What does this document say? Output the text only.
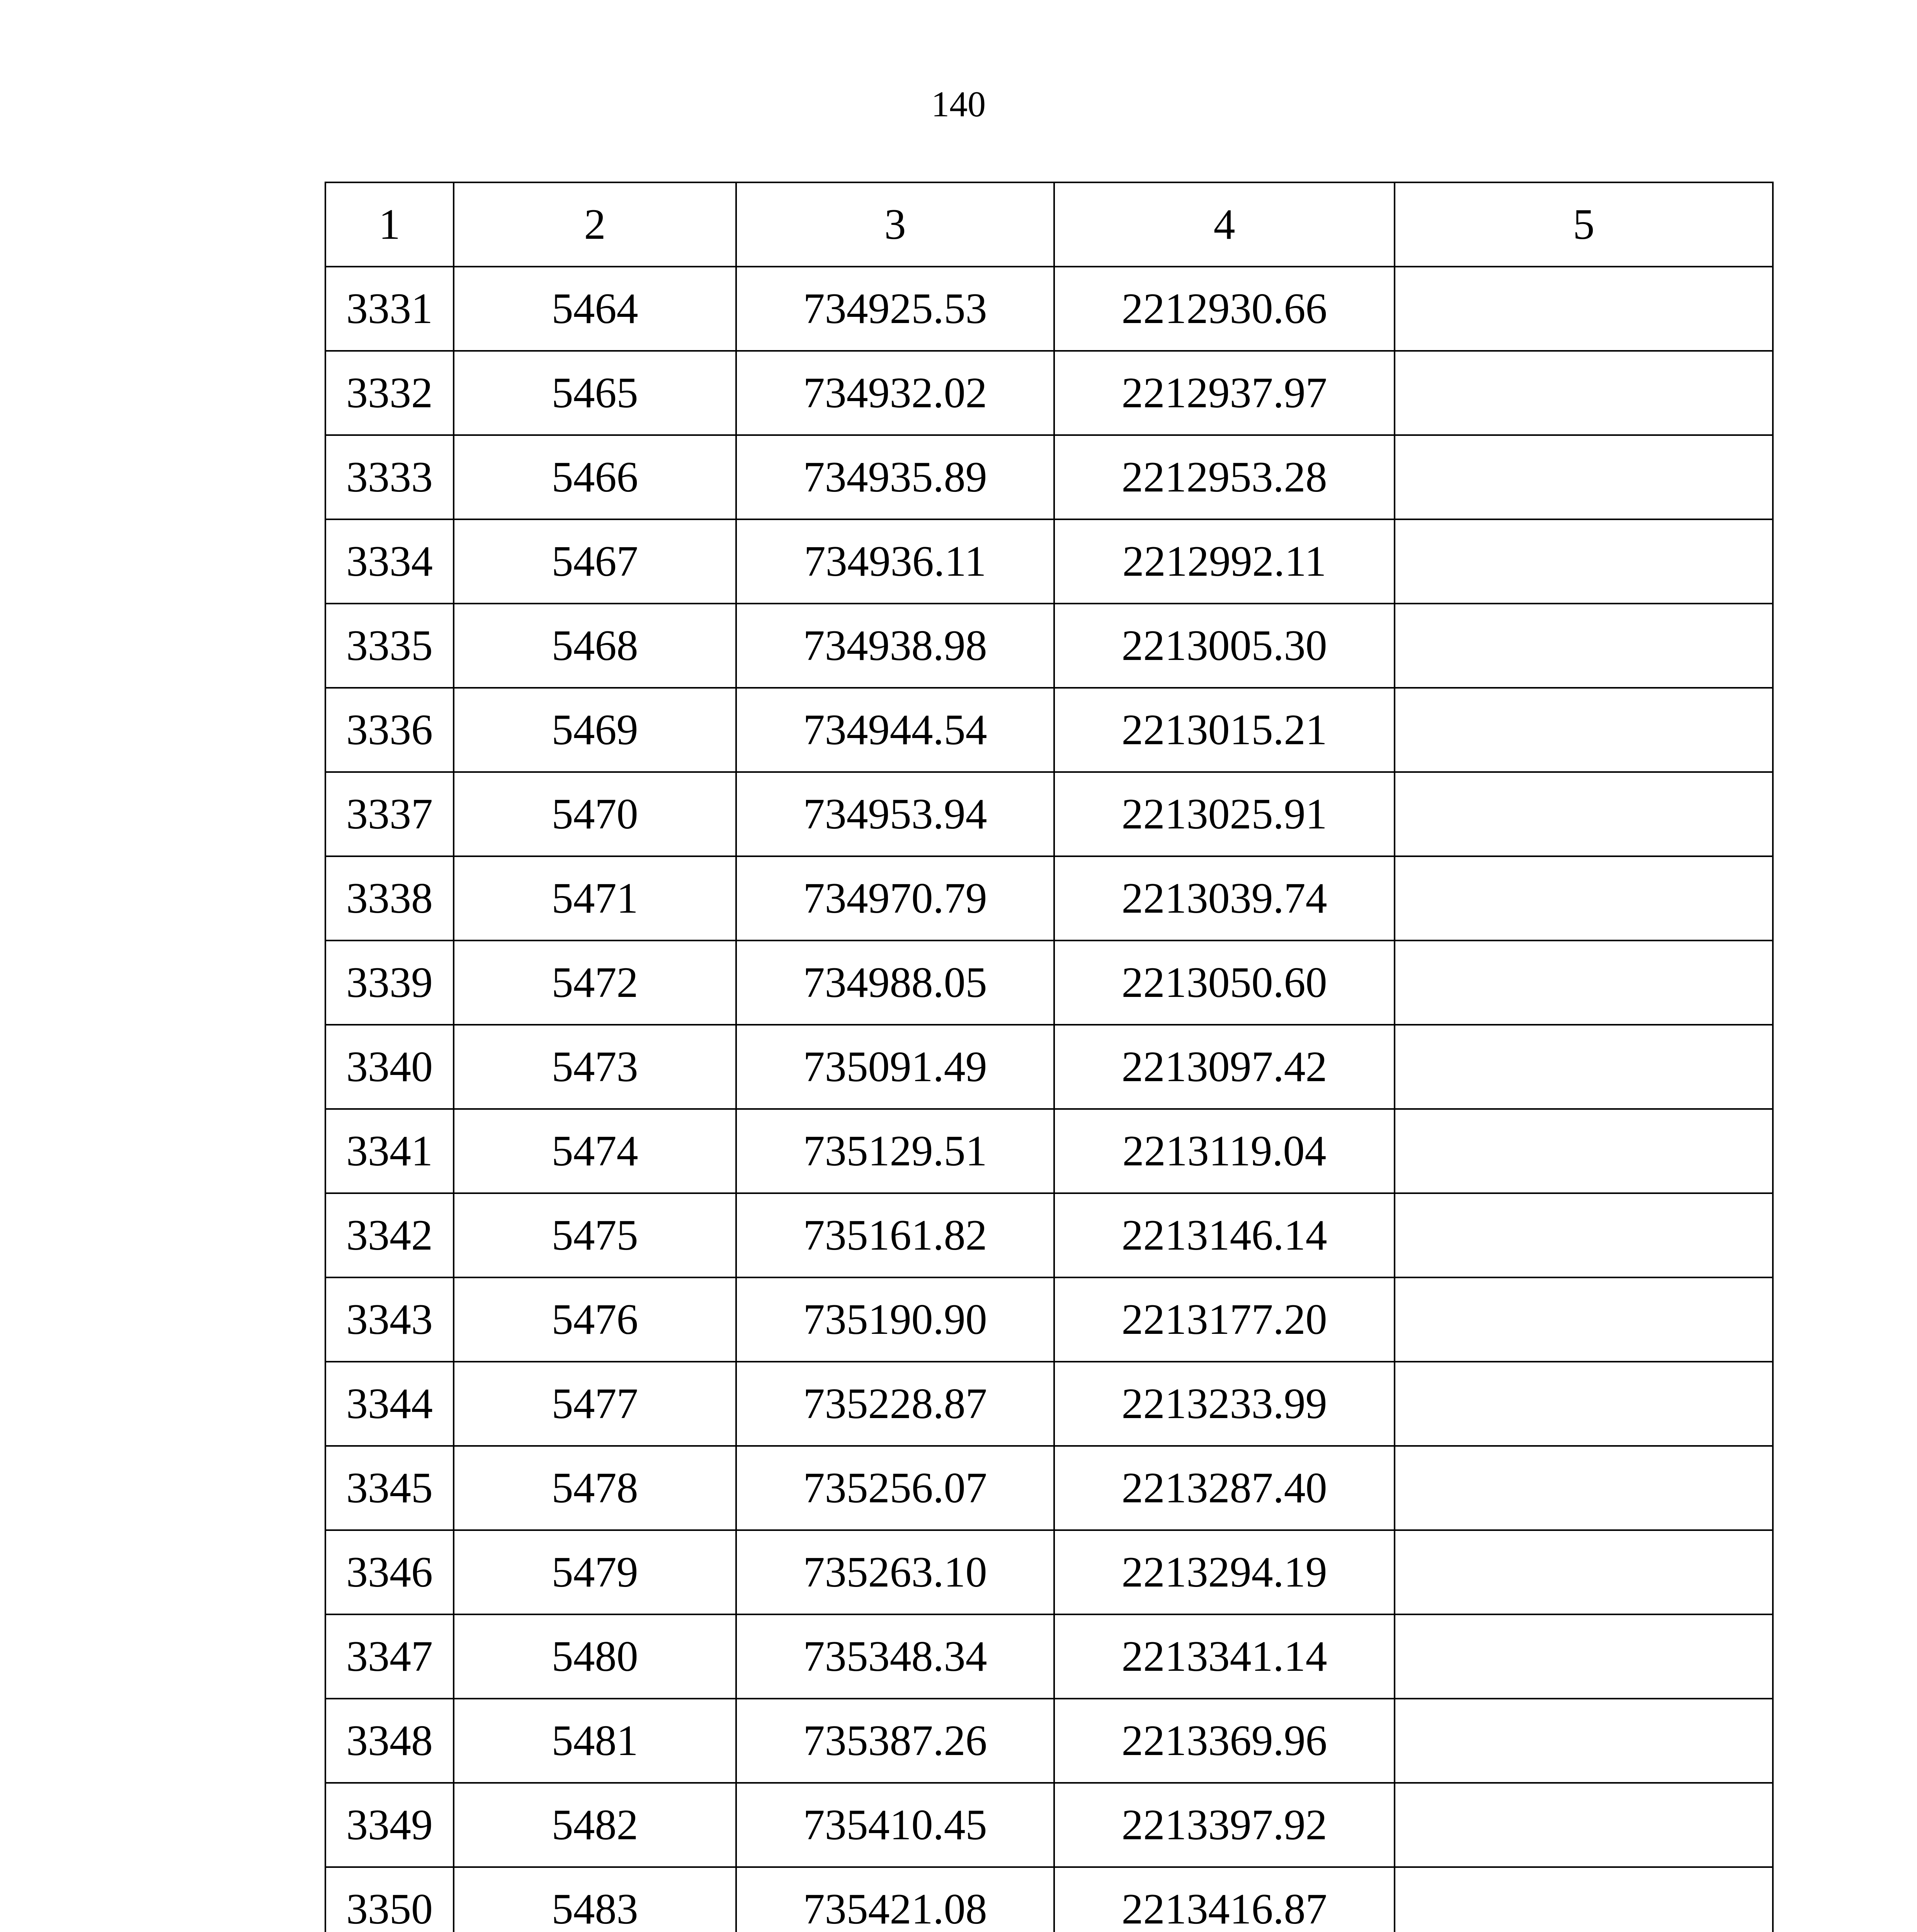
140
1	2	3	4	5
3331	5464	734925.53	2212930.66	
3332	5465	734932.02	2212937.97	
3333	5466	734935.89	2212953.28	
3334	5467	734936.11	2212992.11	
3335	5468	734938.98	2213005.30	
3336	5469	734944.54	2213015.21	
3337	5470	734953.94	2213025.91	
3338	5471	734970.79	2213039.74	
3339	5472	734988.05	2213050.60	
3340	5473	735091.49	2213097.42	
3341	5474	735129.51	2213119.04	
3342	5475	735161.82	2213146.14	
3343	5476	735190.90	2213177.20	
3344	5477	735228.87	2213233.99	
3345	5478	735256.07	2213287.40	
3346	5479	735263.10	2213294.19	
3347	5480	735348.34	2213341.14	
3348	5481	735387.26	2213369.96	
3349	5482	735410.45	2213397.92	
3350	5483	735421.08	2213416.87	
